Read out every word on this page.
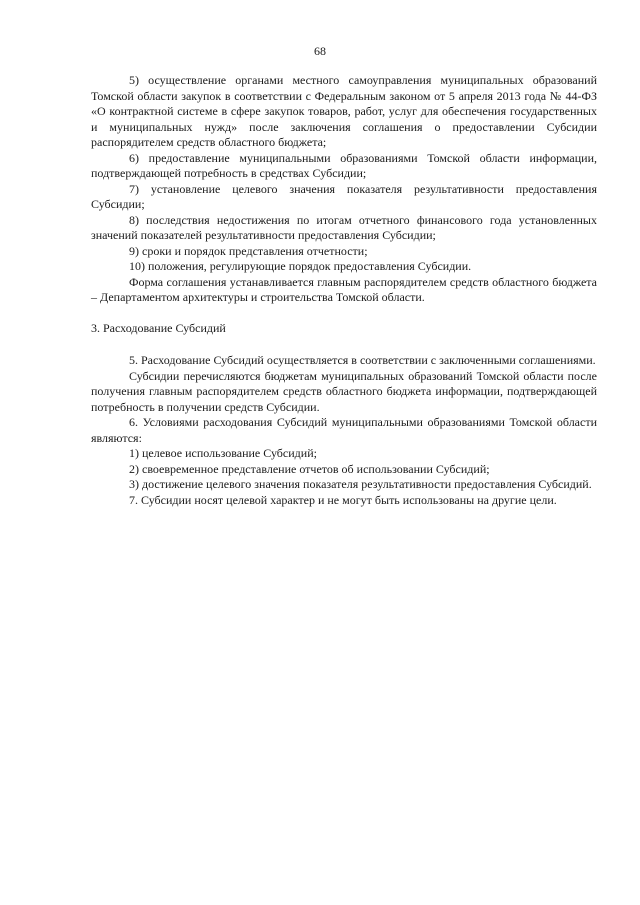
68

5) осуществление органами местного самоуправления муниципальных образований Томской области закупок в соответствии с Федеральным законом от 5 апреля 2013 года № 44-ФЗ «О контрактной системе в сфере закупок товаров, работ, услуг для обеспечения государственных и муниципальных нужд» после заключения соглашения о предоставлении Субсидии распорядителем средств областного бюджета;

6) предоставление муниципальными образованиями Томской области информации, подтверждающей потребность в средствах Субсидии;

7) установление целевого значения показателя результативности предоставления Субсидии;

8) последствия недостижения по итогам отчетного финансового года установленных значений показателей результативности предоставления Субсидии;

9) сроки и порядок представления отчетности;

10) положения, регулирующие порядок предоставления Субсидии.

Форма соглашения устанавливается главным распорядителем средств областного бюджета – Департаментом архитектуры и строительства Томской области.

3. Расходование Субсидий

5. Расходование Субсидий осуществляется в соответствии с заключенными соглашениями.

Субсидии перечисляются бюджетам муниципальных образований Томской области после получения главным распорядителем средств областного бюджета информации, подтверждающей потребность в получении средств Субсидии.

6. Условиями расходования Субсидий муниципальными образованиями Томской области являются:

1) целевое использование Субсидий;

2) своевременное представление отчетов об использовании Субсидий;

3) достижение целевого значения показателя результативности предоставления Субсидий.

7. Субсидии носят целевой характер и не могут быть использованы на другие цели.
